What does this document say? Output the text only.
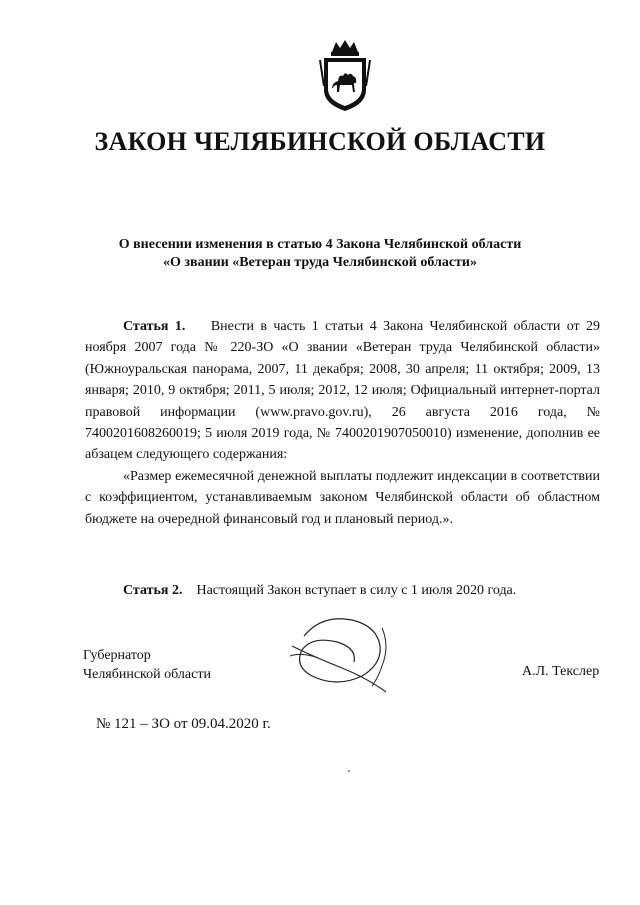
ЗАКОН ЧЕЛЯБИНСКОЙ ОБЛАСТИ
О внесении изменения в статью 4 Закона Челябинской области
«О звании «Ветеран труда Челябинской области»

Статья 1. Внести в часть 1 статьи 4 Закона Челябинской области от 29 ноября 2007 года № 220-ЗО «О звании «Ветеран труда Челябинской области» (Южноуральская панорама, 2007, 11 декабря; 2008, 30 апреля; 11 октября; 2009, 13 января; 2010, 9 октября; 2011, 5 июля; 2012, 12 июля; Официальный интернет-портал правовой информации (www.pravo.gov.ru), 26 августа 2016 года, № 7400201608260019; 5 июля 2019 года, № 7400201907050010) изменение, дополнив ее абзацем следующего содержания:

«Размер ежемесячной денежной выплаты подлежит индексации в соответствии с коэффициентом, устанавливаемым законом Челябинской области об областном бюджете на очередной финансовый год и плановый период.».

Статья 2. Настоящий Закон вступает в силу с 1 июля 2020 года.
Губернатор
Челябинской области	А.Л. Текслер
№ 121 – ЗО от 09.04.2020 г.
